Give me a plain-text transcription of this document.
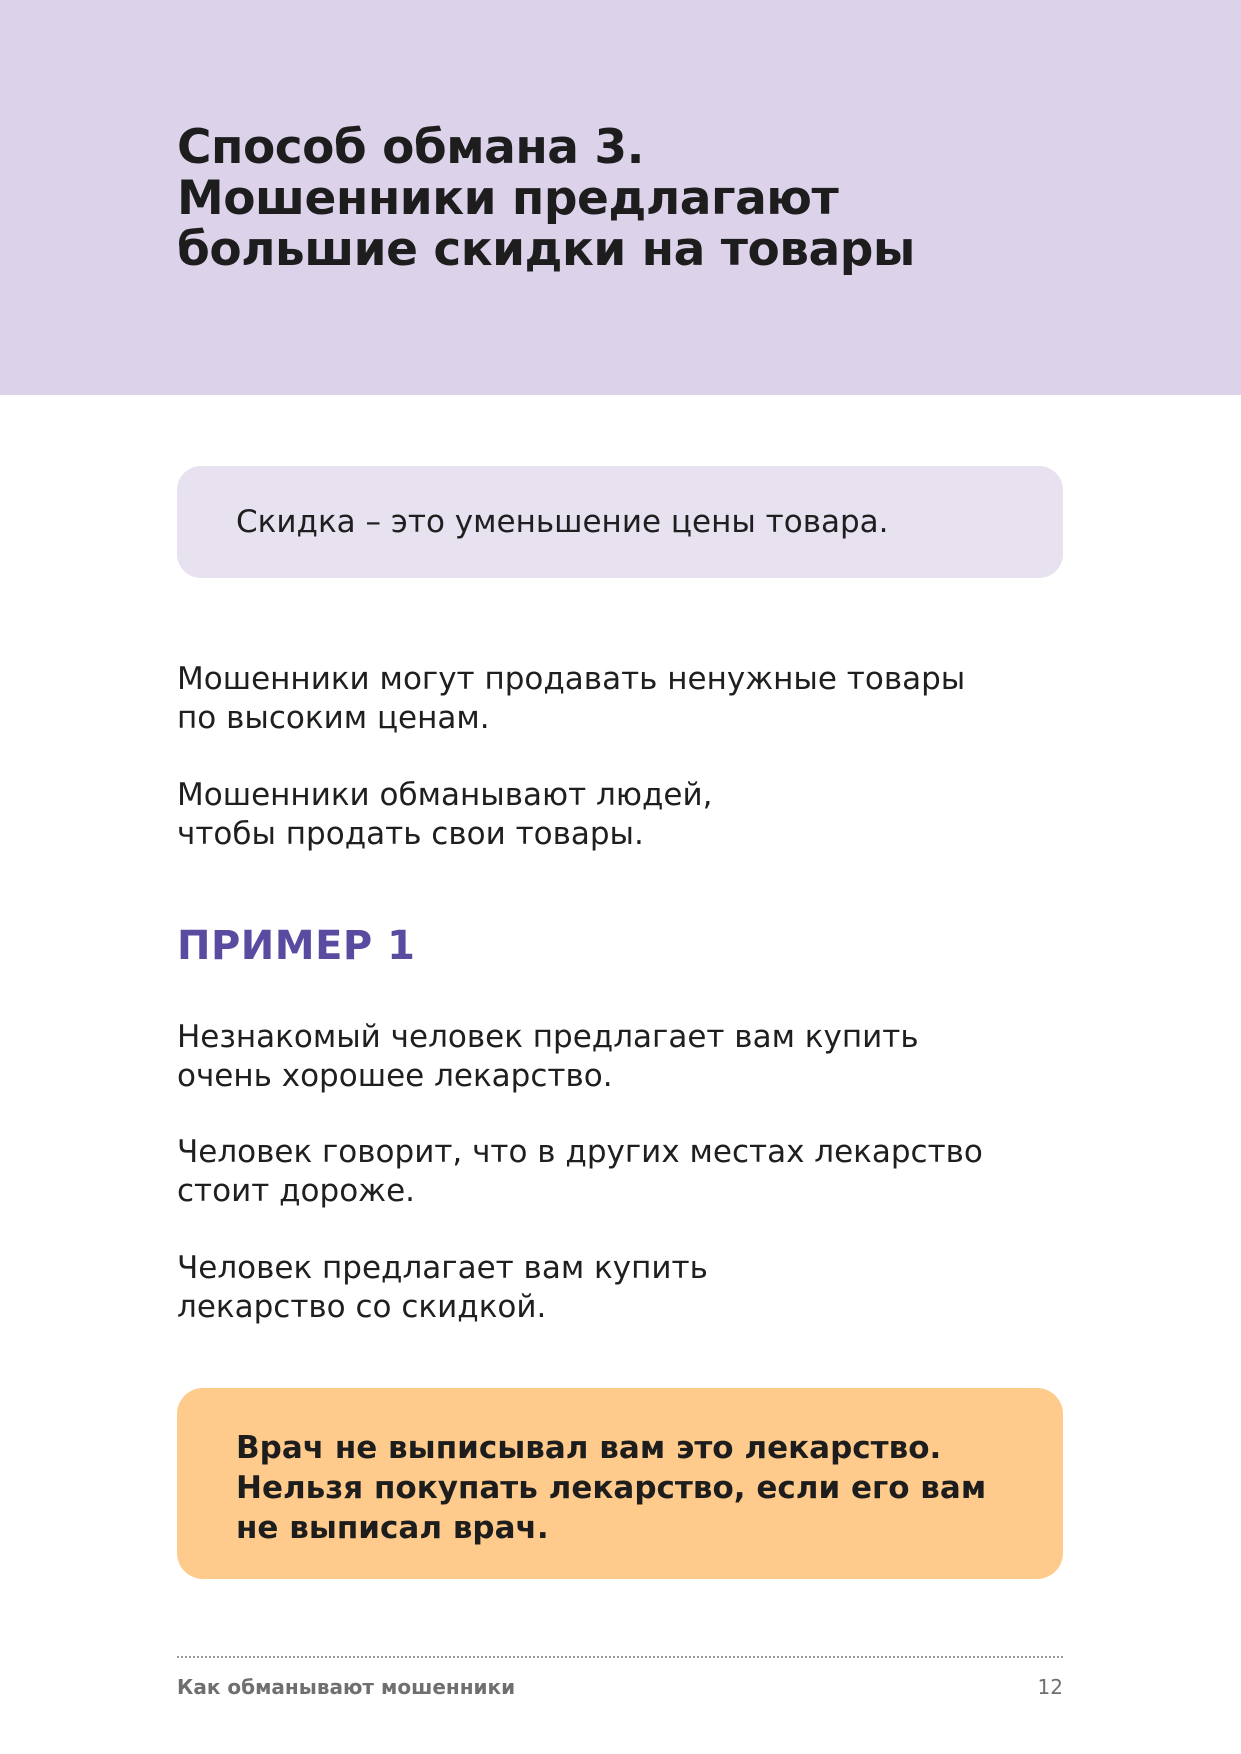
Способ обмана 3.
Мошенники предлагают
большие скидки на товары
Скидка – это уменьшение цены товара.

Мошенники могут продавать ненужные товары
по высоким ценам.

Мошенники обманывают людей,
чтобы продать свои товары.

ПРИМЕР 1

Незнакомый человек предлагает вам купить
очень хорошее лекарство.

Человек говорит, что в других местах лекарство
стоит дороже.

Человек предлагает вам купить
лекарство со скидкой.

Врач не выписывал вам это лекарство.
Нельзя покупать лекарство, если его вам
не выписал врач.

Как обманывают мошенники	12
